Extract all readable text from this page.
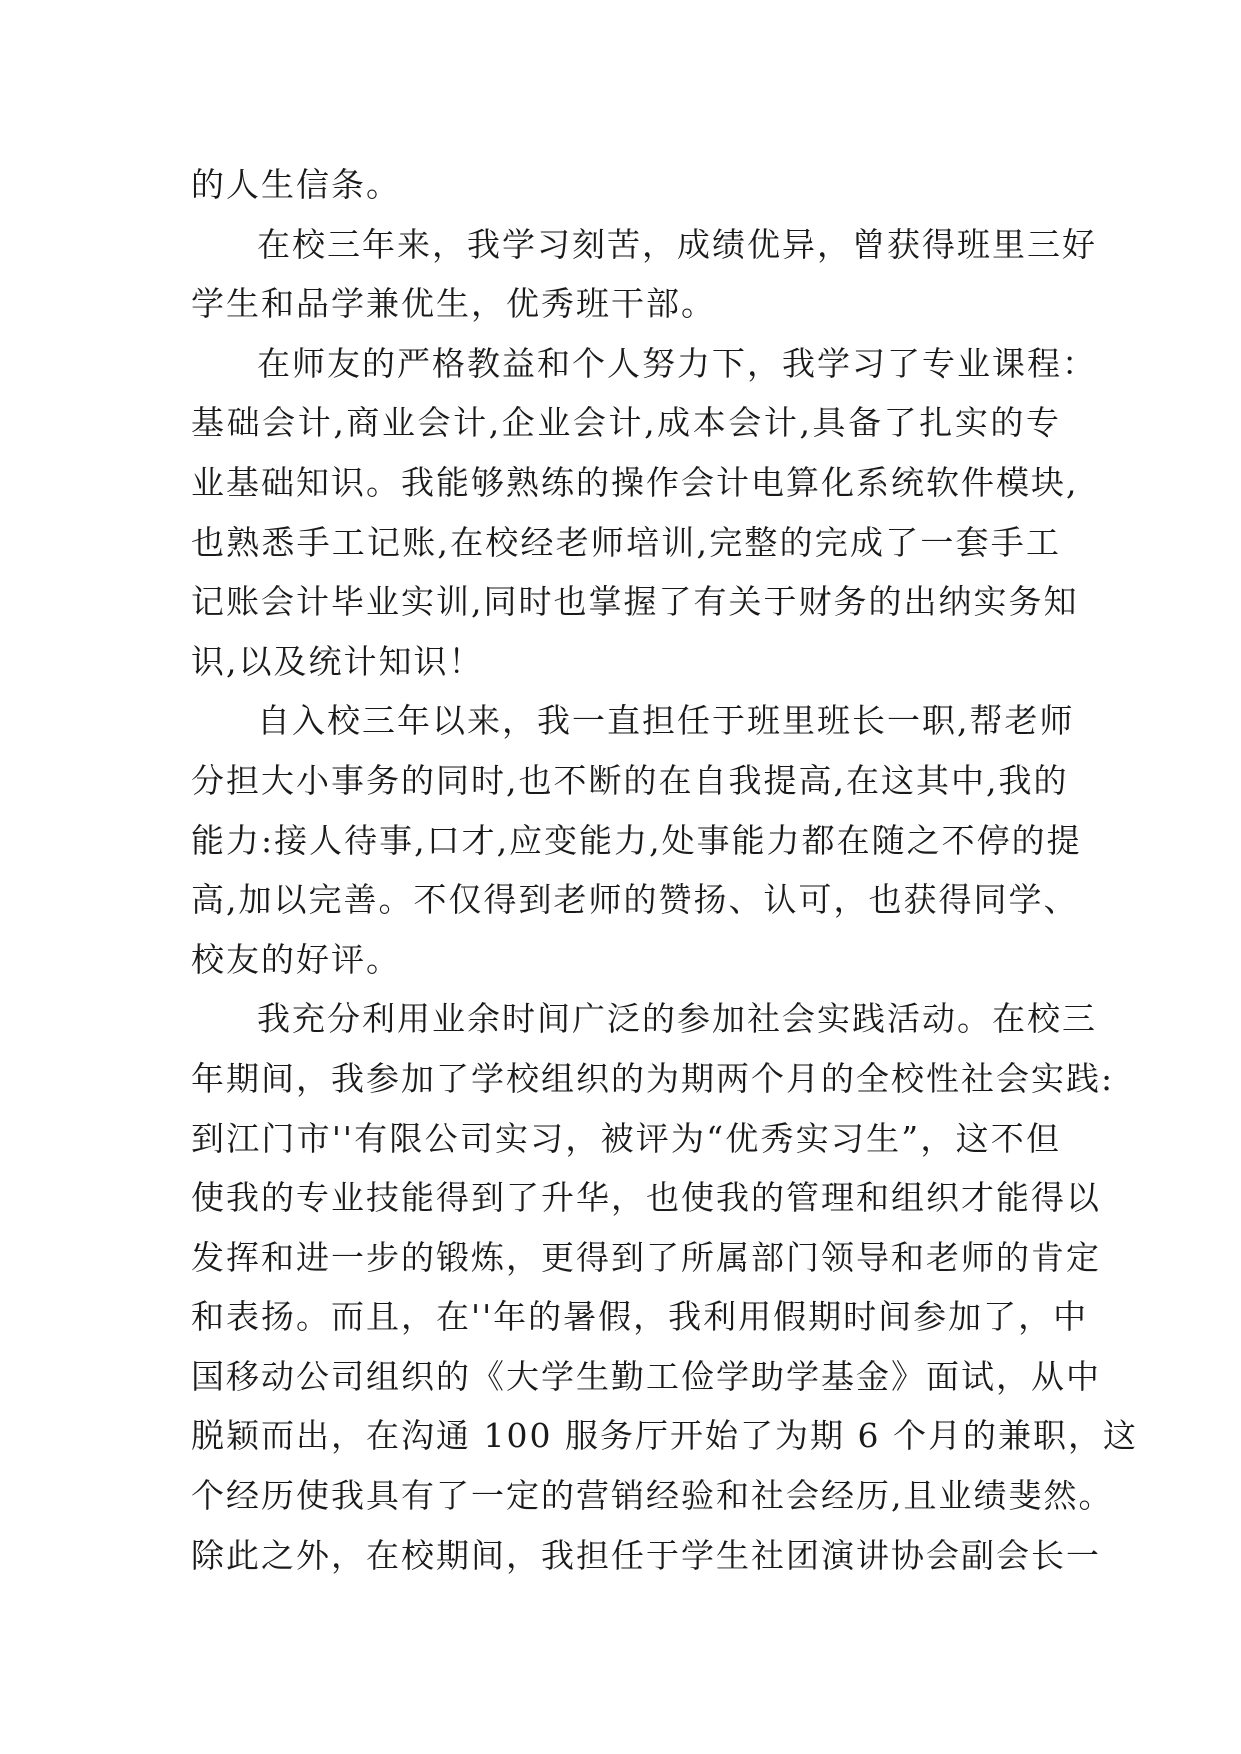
的人生信条。
在校三年来，我学习刻苦，成绩优异，曾获得班里三好
学生和品学兼优生，优秀班干部。
在师友的严格教益和个人努力下，我学习了专业课程：
基础会计,商业会计,企业会计,成本会计,具备了扎实的专
业基础知识。我能够熟练的操作会计电算化系统软件模块,
也熟悉手工记账,在校经老师培训,完整的完成了一套手工
记账会计毕业实训,同时也掌握了有关于财务的出纳实务知
识,以及统计知识！
自入校三年以来，我一直担任于班里班长一职,帮老师
分担大小事务的同时,也不断的在自我提高,在这其中,我的
能力:接人待事,口才,应变能力,处事能力都在随之不停的提
高,加以完善。不仅得到老师的赞扬、认可，也获得同学、
校友的好评。
我充分利用业余时间广泛的参加社会实践活动。在校三
年期间，我参加了学校组织的为期两个月的全校性社会实践:
到江门市''有限公司实习，被评为“优秀实习生”，这不但
使我的专业技能得到了升华，也使我的管理和组织才能得以
发挥和进一步的锻炼，更得到了所属部门领导和老师的肯定
和表扬。而且，在''年的暑假，我利用假期时间参加了，中
国移动公司组织的《大学生勤工俭学助学基金》面试，从中
脱颖而出，在沟通 100 服务厅开始了为期 6 个月的兼职，这
个经历使我具有了一定的营销经验和社会经历,且业绩斐然。
除此之外，在校期间，我担任于学生社团演讲协会副会长一
